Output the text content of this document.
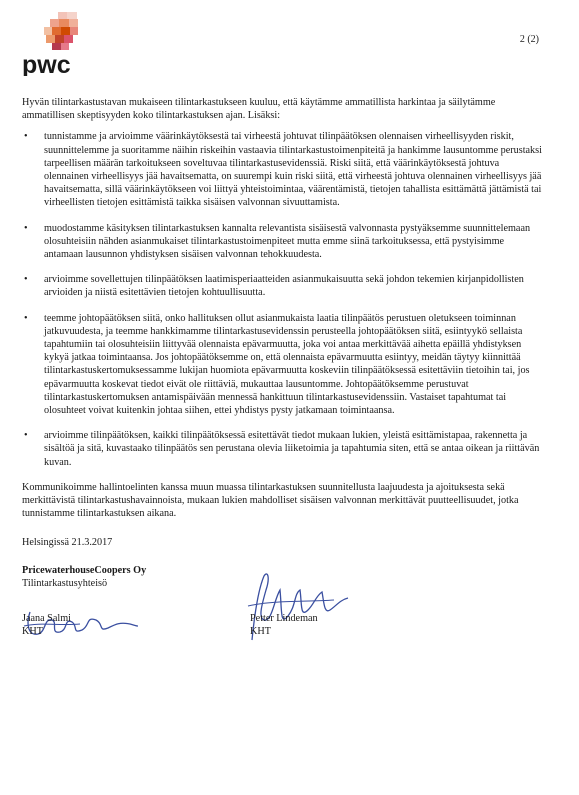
pwc
2 (2)

Hyvän tilintarkastustavan mukaiseen tilintarkastukseen kuuluu, että käytämme ammatillista harkintaa ja säilytämme ammatillisen skeptisyyden koko tilintarkastuksen ajan. Lisäksi:

• tunnistamme ja arvioimme väärinkäytöksestä tai virheestä johtuvat tilinpäätöksen olennaisen virheellisyyden riskit, suunnittelemme ja suoritamme näihin riskeihin vastaavia tilintarkastustoimenpiteitä ja hankimme lausuntomme perustaksi tarpeellisen määrän tarkoitukseen soveltuvaa tilintarkastusevidenssiä. Riski siitä, että väärinkäytöksestä johtuva olennainen virheellisyys jää havaitsematta, on suurempi kuin riski siitä, että virheestä johtuva olennainen virheellisyys jää havaitsematta, sillä väärinkäytökseen voi liittyä yhteistoimintaa, väärentämistä, tietojen tahallista esittämättä jättämistä tai virheellisten tietojen esittämistä taikka sisäisen valvonnan sivuuttamista.
• muodostamme käsityksen tilintarkastuksen kannalta relevantista sisäisestä valvonnasta pystyäksemme suunnittelemaan olosuhteisiin nähden asianmukaiset tilintarkastustoimenpiteet mutta emme siinä tarkoituksessa, että pystyisimme antamaan lausunnon yhdistyksen sisäisen valvonnan tehokkuudesta.
• arvioimme sovellettujen tilinpäätöksen laatimisperiaatteiden asianmukaisuutta sekä johdon tekemien kirjanpidollisten arvioiden ja niistä esitettävien tietojen kohtuullisuutta.
• teemme johtopäätöksen siitä, onko hallituksen ollut asianmukaista laatia tilinpäätös perustuen oletukseen toiminnan jatkuvuudesta, ja teemme hankkimamme tilintarkastusevidenssin perusteella johtopäätöksen siitä, esiintyykö sellaista tapahtumiin tai olosuhteisiin liittyvää olennaista epävarmuutta, joka voi antaa merkittävää aihetta epäillä yhdistyksen kykyä jatkaa toimintaansa. Jos johtopäätöksemme on, että olennaista epävarmuutta esiintyy, meidän täytyy kiinnittää tilintarkastuskertomuksessamme lukijan huomiota epävarmuutta koskeviin tilinpäätöksessä esitettäviin tietoihin tai, jos epävarmuutta koskevat tiedot eivät ole riittäviä, mukauttaa lausuntomme. Johtopäätöksemme perustuvat tilintarkastuskertomuksen antamispäivään mennessä hankittuun tilintarkastusevidenssiin. Vastaiset tapahtumat tai olosuhteet voivat kuitenkin johtaa siihen, ettei yhdistys pysty jatkamaan toimintaansa.
• arvioimme tilinpäätöksen, kaikki tilinpäätöksessä esitettävät tiedot mukaan lukien, yleistä esittämistapaa, rakennetta ja sisältöä ja sitä, kuvastaako tilinpäätös sen perustana olevia liiketoimia ja tapahtumia siten, että se antaa oikean ja riittävän kuvan.

Kommunikoimme hallintoelinten kanssa muun muassa tilintarkastuksen suunnitellusta laajuudesta ja ajoituksesta sekä merkittävistä tilintarkastushavainnoista, mukaan lukien mahdolliset sisäisen valvonnan merkittävät puutteellisuudet, jotka tunnistamme tilintarkastuksen aikana.

Helsingissä 21.3.2017

PricewaterhouseCoopers Oy

Tilintarkastusyhteisö

Jaana Salmi
KHT
Petter Lindeman
KHT
